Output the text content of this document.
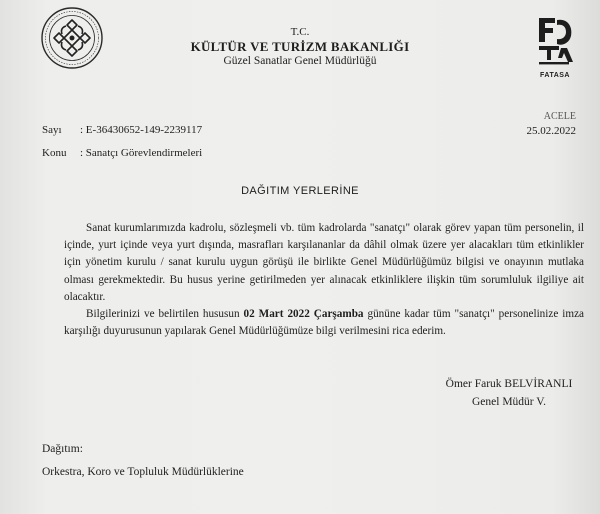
T.C.
KÜLTÜR VE TURİZM BAKANLIĞI
Güzel Sanatlar Genel Müdürlüğü
FATASA
Sayı : E-36430652-149-2239117
Konu : Sanatçı Görevlendirmeleri
ACELE
25.02.2022
DAĞITIM YERLERİNE

Sanat kurumlarımızda kadrolu, sözleşmeli vb. tüm kadrolarda "sanatçı" olarak görev yapan tüm personelin, il içinde, yurt içinde veya yurt dışında, masrafları karşılananlar da dâhil olmak üzere yer alacakları tüm etkinlikler için yönetim kurulu / sanat kurulu uygun görüşü ile birlikte Genel Müdürlüğümüz bilgisi ve onayının mutlaka olması gerekmektedir. Bu husus yerine getirilmeden yer alınacak etkinliklere ilişkin tüm sorumluluk ilgiliye ait olacaktır.

Bilgilerinizi ve belirtilen hususun 02 Mart 2022 Çarşamba gününe kadar tüm "sanatçı" personelinize imza karşılığı duyurusunun yapılarak Genel Müdürlüğümüze bilgi verilmesini rica ederim.

Ömer Faruk BELVİRANLI
Genel Müdür V.
Dağıtım:
Orkestra, Koro ve Topluluk Müdürlüklerine
